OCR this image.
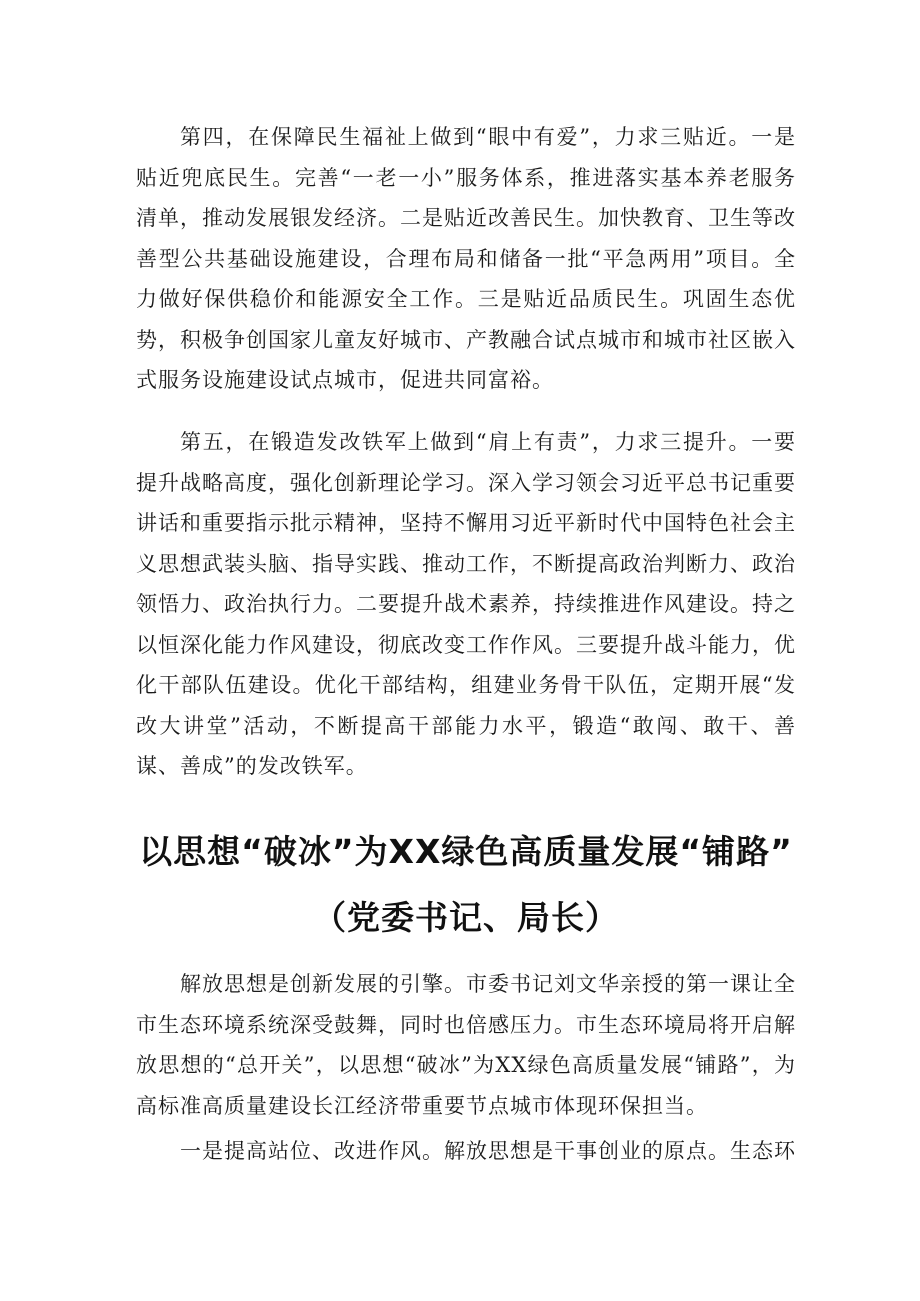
第四，在保障民生福祉上做到“眼中有爱”，力求三贴近。一是贴近兜底民生。完善“一老一小”服务体系，推进落实基本养老服务清单，推动发展银发经济。二是贴近改善民生。加快教育、卫生等改善型公共基础设施建设，合理布局和储备一批“平急两用”项目。全力做好保供稳价和能源安全工作。三是贴近品质民生。巩固生态优势，积极争创国家儿童友好城市、产教融合试点城市和城市社区嵌入式服务设施建设试点城市，促进共同富裕。

第五，在锻造发改铁军上做到“肩上有责”，力求三提升。一要提升战略高度，强化创新理论学习。深入学习领会习近平总书记重要讲话和重要指示批示精神，坚持不懈用习近平新时代中国特色社会主义思想武装头脑、指导实践、推动工作，不断提高政治判断力、政治领悟力、政治执行力。二要提升战术素养，持续推进作风建设。持之以恒深化能力作风建设，彻底改变工作作风。三要提升战斗能力，优化干部队伍建设。优化干部结构，组建业务骨干队伍，定期开展“发改大讲堂”活动，不断提高干部能力水平，锻造“敢闯、敢干、善谋、善成”的发改铁军。

以思想“破冰”为XX绿色高质量发展“铺路”
（党委书记、局长）

解放思想是创新发展的引擎。市委书记刘文华亲授的第一课让全市生态环境系统深受鼓舞，同时也倍感压力。市生态环境局将开启解放思想的“总开关”，以思想“破冰”为XX绿色高质量发展“铺路”，为高标准高质量建设长江经济带重要节点城市体现环保担当。

一是提高站位、改进作风。解放思想是干事创业的原点。生态环
